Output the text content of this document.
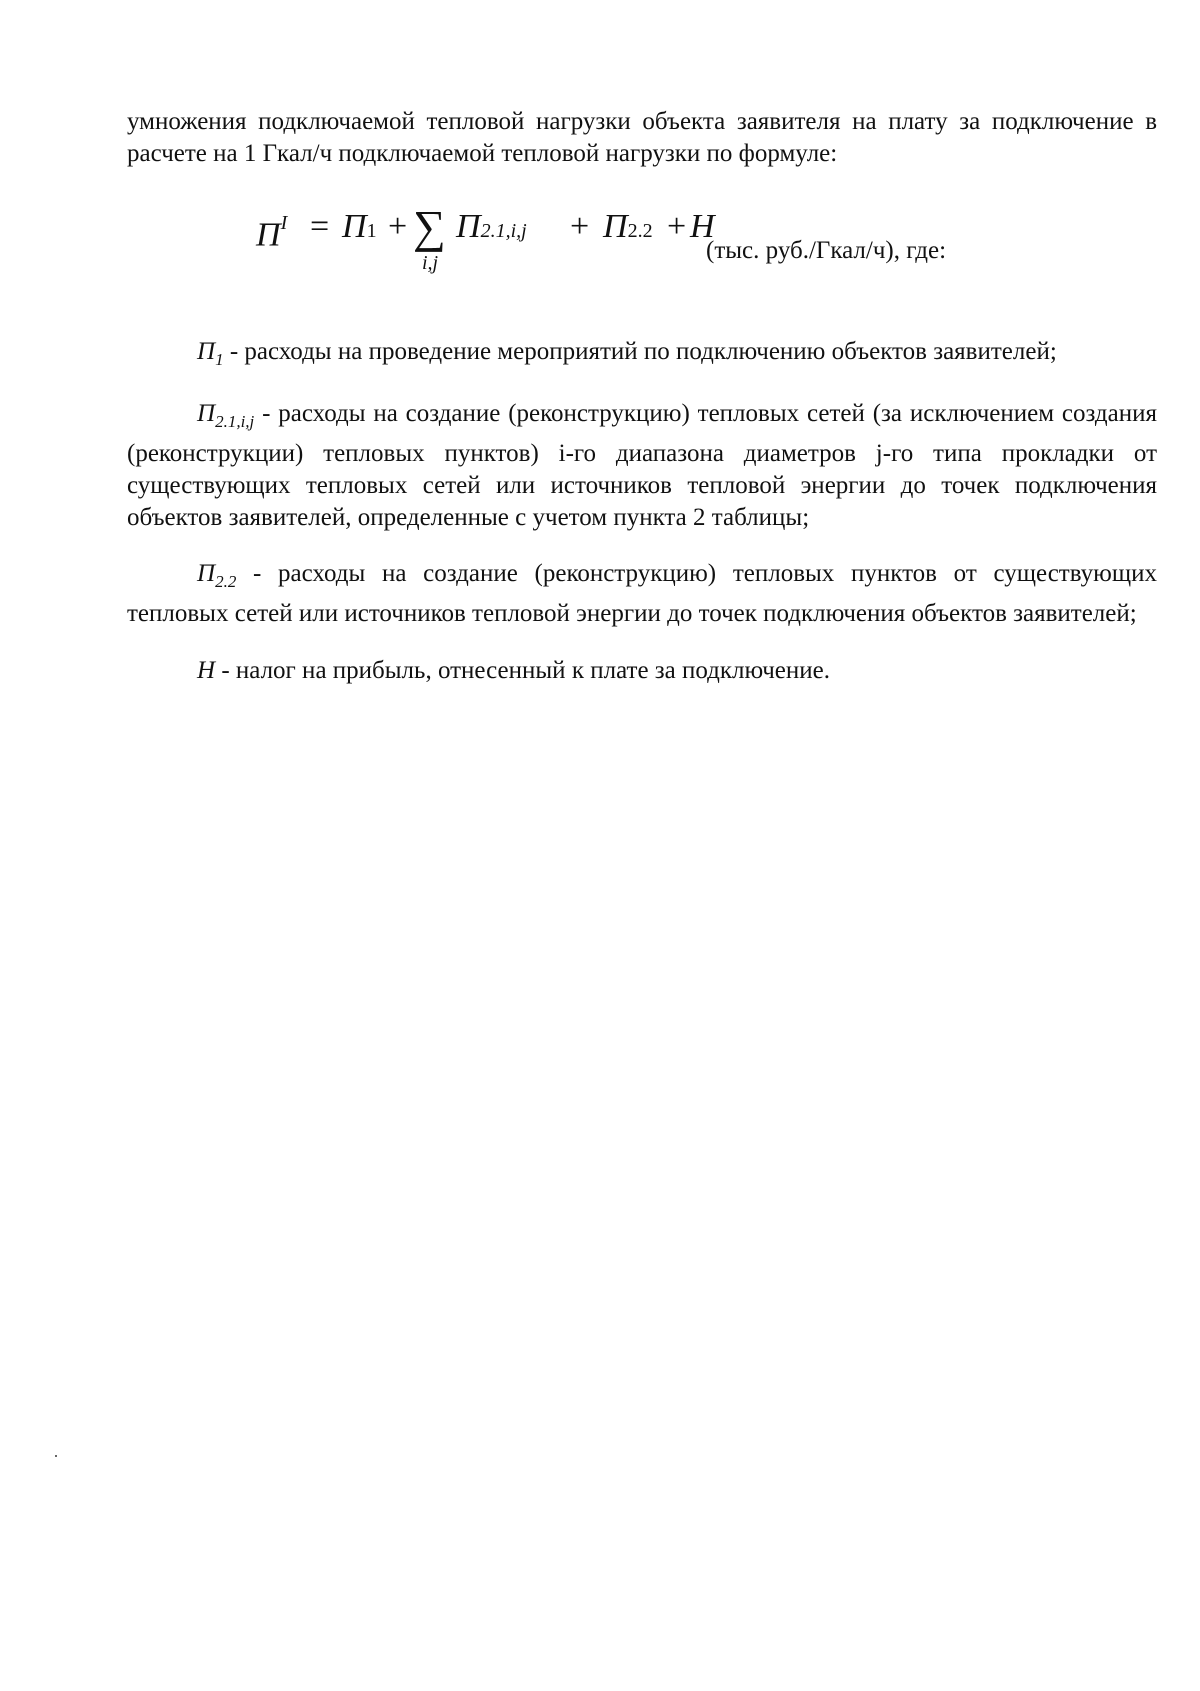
умножения подключаемой тепловой нагрузки объекта заявителя на плату за подключение в расчете на 1 Гкал/ч подключаемой тепловой нагрузки по формуле:

$П^I = П1$ + ∑
i,j
П2.1,i,j + П2.2 + Н
(тыс. руб./Гкал/ч), где:

$П_1$ - расходы на проведение мероприятий по подключению объектов заявителей;

$П_{2.1,i,j}$ - расходы на создание (реконструкцию) тепловых сетей (за исключением создания (реконструкции) тепловых пунктов) i-го диапазона диаметров j-го типа прокладки от существующих тепловых сетей или источников тепловой энергии до точек подключения объектов заявителей, определенные с учетом пункта 2 таблицы;

$П_{2.2}$ - расходы на создание (реконструкцию) тепловых пунктов от существующих тепловых сетей или источников тепловой энергии до точек подключения объектов заявителей;

Н - налог на прибыль, отнесенный к плате за подключение.
